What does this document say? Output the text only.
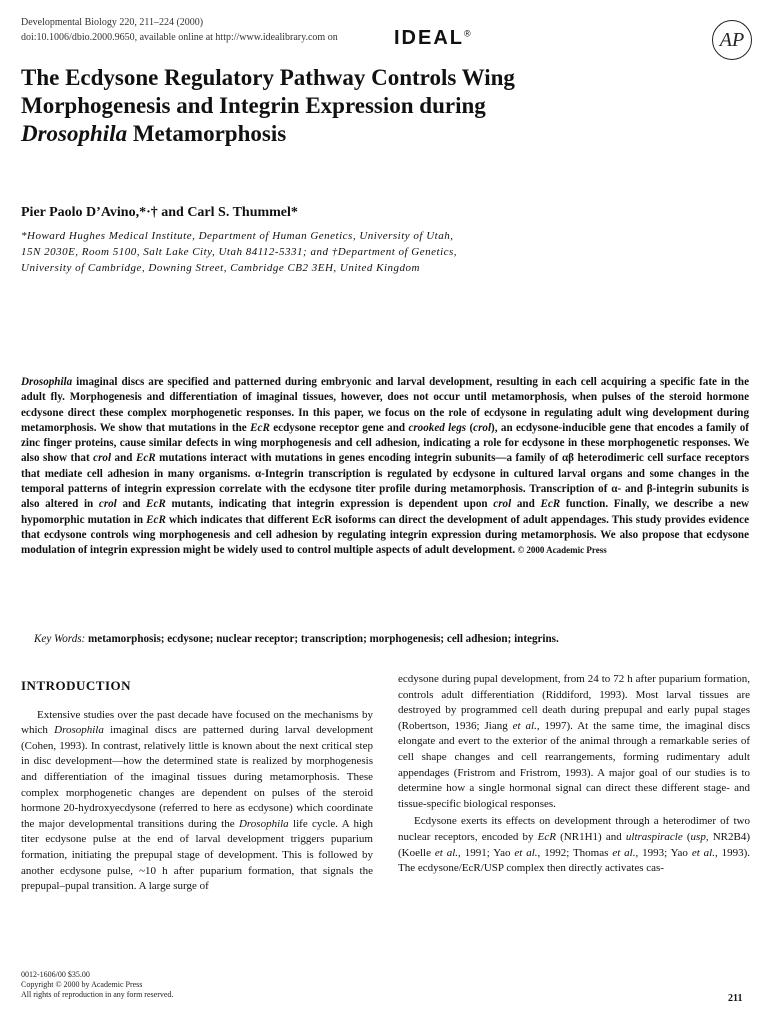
Developmental Biology 220, 211–224 (2000)
doi:10.1006/dbio.2000.9650, available online at http://www.idealibrary.com on	IDEAL®	AP
The Ecdysone Regulatory Pathway Controls Wing
Morphogenesis and Integrin Expression during
Drosophila Metamorphosis
Pier Paolo D’Avino,*·† and Carl S. Thummel*
*Howard Hughes Medical Institute, Department of Human Genetics, University of Utah,
15N 2030E, Room 5100, Salt Lake City, Utah 84112-5331; and †Department of Genetics,
University of Cambridge, Downing Street, Cambridge CB2 3EH, United Kingdom

Drosophila imaginal discs are specified and patterned during embryonic and larval development, resulting in each cell acquiring a specific fate in the adult fly. Morphogenesis and differentiation of imaginal tissues, however, does not occur until metamorphosis, when pulses of the steroid hormone ecdysone direct these complex morphogenetic responses. In this paper, we focus on the role of ecdysone in regulating adult wing development during metamorphosis. We show that mutations in the EcR ecdysone receptor gene and crooked legs (crol), an ecdysone-inducible gene that encodes a family of zinc finger proteins, cause similar defects in wing morphogenesis and cell adhesion, indicating a role for ecdysone in these morphogenetic responses. We also show that crol and EcR mutations interact with mutations in genes encoding integrin subunits—a family of αβ heterodimeric cell surface receptors that mediate cell adhesion in many organisms. α-Integrin transcription is regulated by ecdysone in cultured larval organs and some changes in the temporal patterns of integrin expression correlate with the ecdysone titer profile during metamorphosis. Transcription of α- and β-integrin subunits is also altered in crol and EcR mutants, indicating that integrin expression is dependent upon crol and EcR function. Finally, we describe a new hypomorphic mutation in EcR which indicates that different EcR isoforms can direct the development of adult appendages. This study provides evidence that ecdysone controls wing morphogenesis and cell adhesion by regulating integrin expression during metamorphosis. We also propose that ecdysone modulation of integrin expression might be widely used to control multiple aspects of adult development. © 2000 Academic Press

Key Words: metamorphosis; ecdysone; nuclear receptor; transcription; morphogenesis; cell adhesion; integrins.
INTRODUCTION

Extensive studies over the past decade have focused on the mechanisms by which Drosophila imaginal discs are patterned during larval development (Cohen, 1993). In contrast, relatively little is known about the next critical step in disc development—how the determined state is realized by morphogenesis and differentiation of the imaginal tissues during metamorphosis. These complex morphogenetic changes are dependent on pulses of the steroid hormone 20-hydroxyecdysone (referred to here as ecdysone) which coordinate the major developmental transitions during the Drosophila life cycle. A high titer ecdysone pulse at the end of larval development triggers puparium formation, initiating the prepupal stage of development. This is followed by another ecdysone pulse, ~10 h after puparium formation, that signals the prepupal–pupal transition. A large surge of

ecdysone during pupal development, from 24 to 72 h after puparium formation, controls adult differentiation (Riddiford, 1993). Most larval tissues are destroyed by programmed cell death during prepupal and early pupal stages (Robertson, 1936; Jiang et al., 1997). At the same time, the imaginal discs elongate and evert to the exterior of the animal through a remarkable series of cell shape changes and cell rearrangements, forming rudimentary adult appendages (Fristrom and Fristrom, 1993). A major goal of our studies is to determine how a single hormonal signal can direct these different stage- and tissue-specific biological responses.

Ecdysone exerts its effects on development through a heterodimer of two nuclear receptors, encoded by EcR (NR1H1) and ultraspiracle (usp, NR2B4) (Koelle et al., 1991; Yao et al., 1992; Thomas et al., 1993; Yao et al., 1993). The ecdysone/EcR/USP complex then directly activates cas-

0012-1606/00 $35.00
Copyright © 2000 by Academic Press
All rights of reproduction in any form reserved.	211
